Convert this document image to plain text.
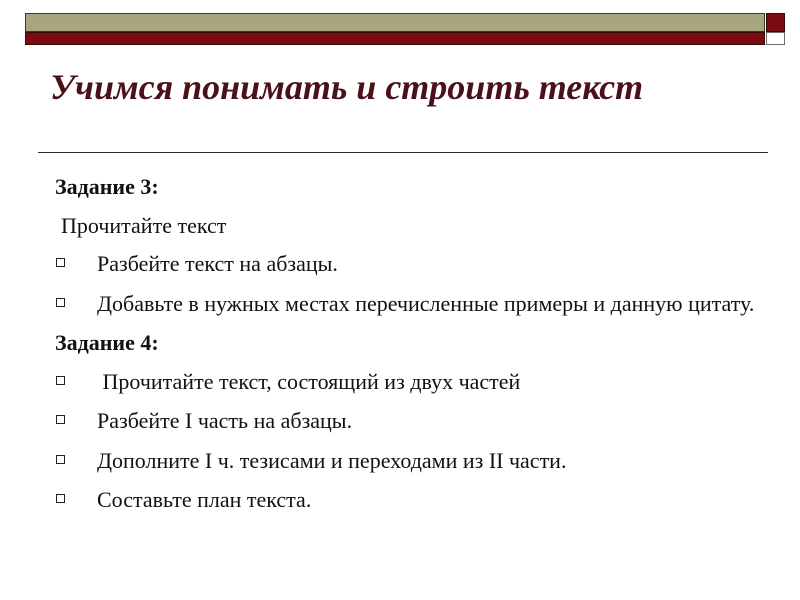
Учимся понимать и строить текст
Задание 3:
Прочитайте текст
Разбейте текст на абзацы.
Добавьте в нужных местах перечисленные примеры и данную цитату.
Задание 4:
Прочитайте текст, состоящий из двух частей
Разбейте I часть на абзацы.
Дополните I ч. тезисами и переходами из II части.
Составьте план текста.
